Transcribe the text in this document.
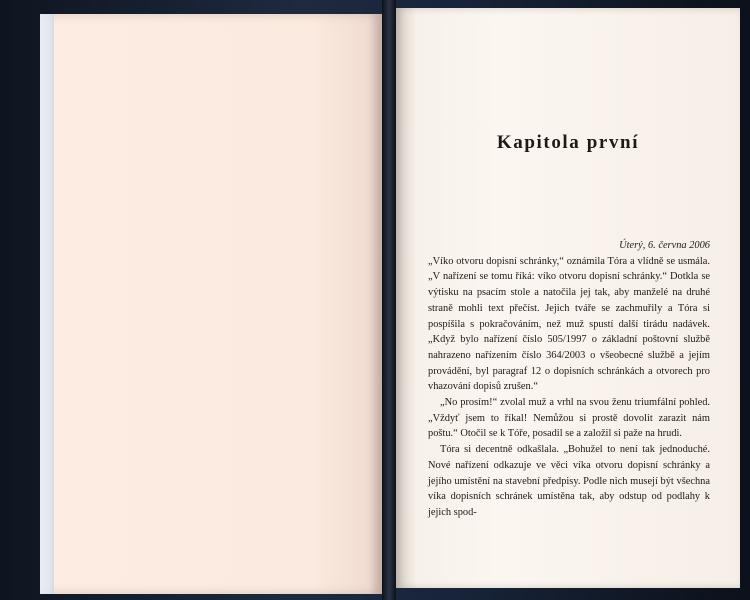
Kapitola první

Úterý, 6. června 2006

„Víko otvoru dopisní schránky,“ oznámila Tóra a vlídně se usmála. „V nařízení se tomu říká: víko otvoru dopisní schránky.“ Dotkla se výtisku na psacím stole a natočila jej tak, aby manželé na druhé straně mohli text přečíst. Jejich tváře se zachmuřily a Tóra si pospíšila s pokračováním, než muž spustí další tirádu nadávek. „Když bylo nařízení číslo 505/1997 o základní poštovní službě nahrazeno nařízením číslo 364/2003 o všeobecné službě a jejím provádění, byl paragraf 12 o dopisních schránkách a otvorech pro vhazování dopisů zrušen.“

„No prosím!“ zvolal muž a vrhl na svou ženu triumfální pohled. „Vždyť jsem to říkal! Nemůžou si prostě dovolit zarazit nám poštu.“ Otočil se k Tóře, posadil se a založil si paže na hrudi.

Tóra si decentně odkašlala. „Bohužel to není tak jednoduché. Nové nařízení odkazuje ve věci víka otvoru dopisní schránky a jejího umístění na stavební předpisy. Podle nich musejí být všechna víka dopisních schránek umístěna tak, aby odstup od podlahy k jejich spod-
